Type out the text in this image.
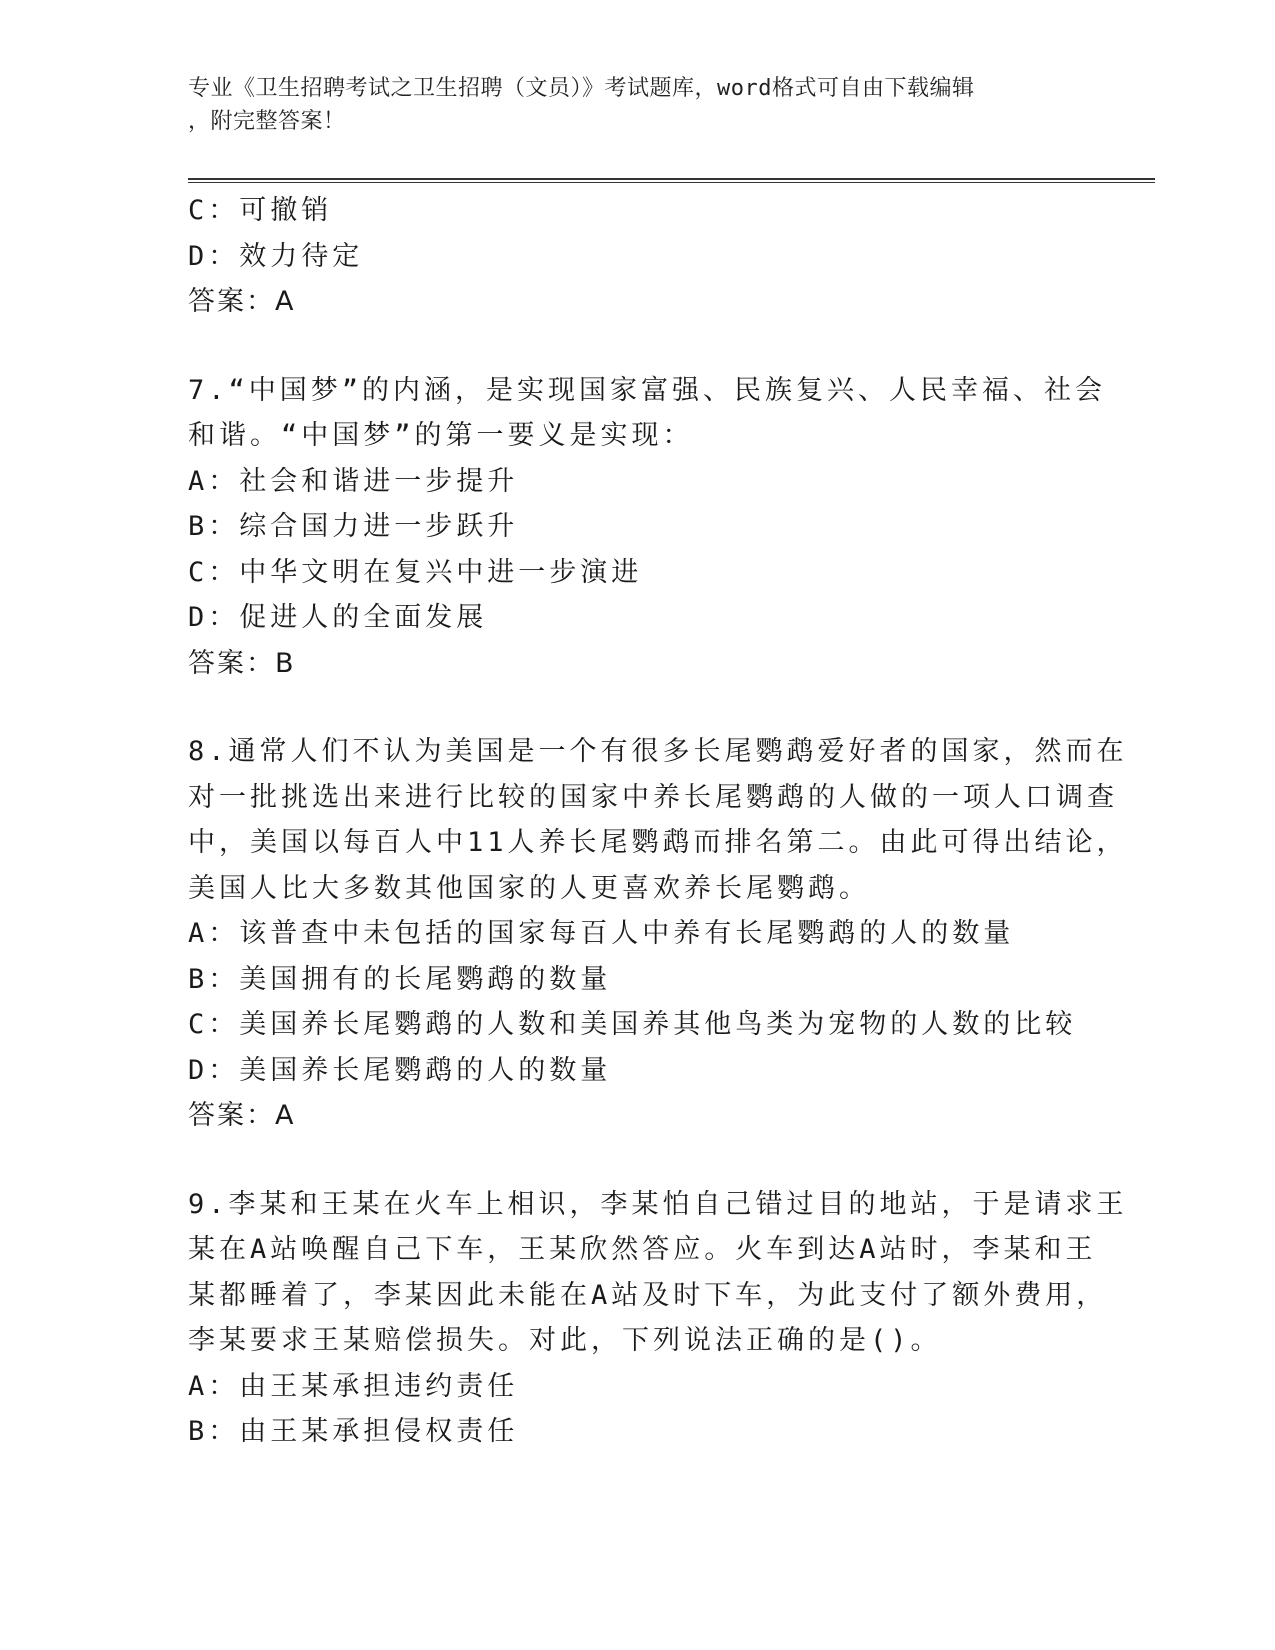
专业《卫生招聘考试之卫生招聘（文员）》考试题库，word格式可自由下载编辑
，附完整答案！
C：可撤销
D：效力待定
答案：A
7.“中国梦”的内涵，是实现国家富强、民族复兴、人民幸福、社会
和谐。“中国梦”的第一要义是实现：
A：社会和谐进一步提升
B：综合国力进一步跃升
C：中华文明在复兴中进一步演进
D：促进人的全面发展
答案：B
8.通常人们不认为美国是一个有很多长尾鹦鹉爱好者的国家，然而在
对一批挑选出来进行比较的国家中养长尾鹦鹉的人做的一项人口调查
中，美国以每百人中11人养长尾鹦鹉而排名第二。由此可得出结论，
美国人比大多数其他国家的人更喜欢养长尾鹦鹉。
A：该普查中未包括的国家每百人中养有长尾鹦鹉的人的数量
B：美国拥有的长尾鹦鹉的数量
C：美国养长尾鹦鹉的人数和美国养其他鸟类为宠物的人数的比较
D：美国养长尾鹦鹉的人的数量
答案：A
9.李某和王某在火车上相识，李某怕自己错过目的地站，于是请求王
某在A站唤醒自己下车，王某欣然答应。火车到达A站时，李某和王
某都睡着了，李某因此未能在A站及时下车，为此支付了额外费用，
李某要求王某赔偿损失。对此，下列说法正确的是()。
A：由王某承担违约责任
B：由王某承担侵权责任
